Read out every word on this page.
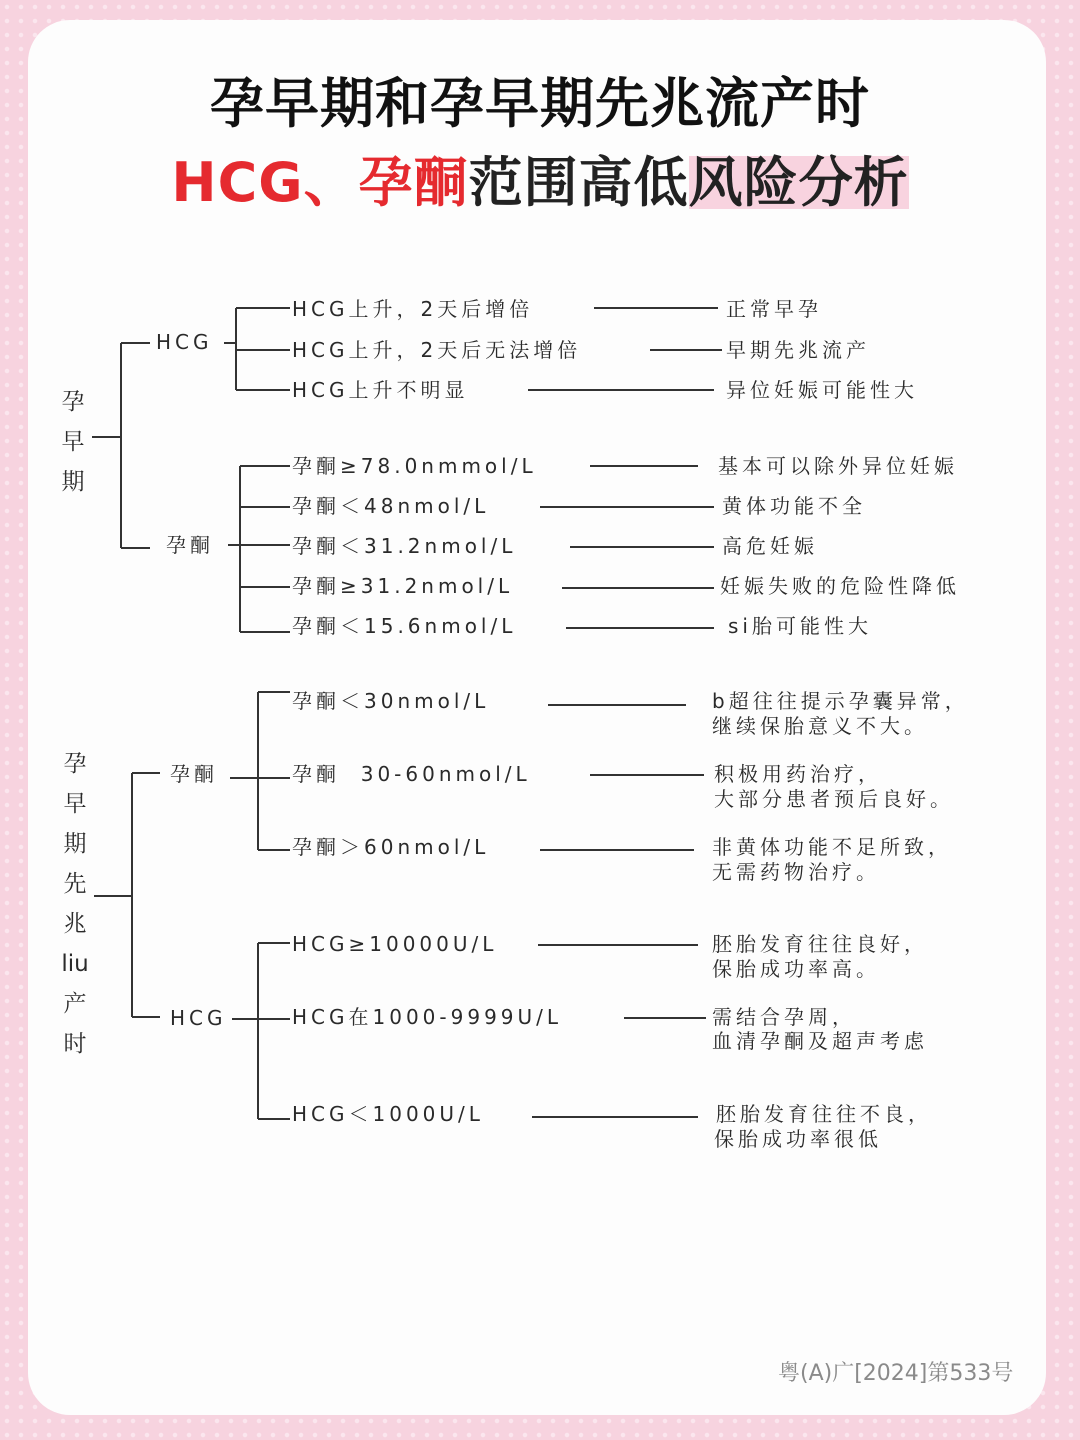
孕早期和孕早期先兆流产时
HCG、孕酮范围高低风险分析
孕
早
期
HCG
HCG上升，2天后增倍	正常早孕
HCG上升，2天后无法增倍	早期先兆流产
HCG上升不明显	异位妊娠可能性大
孕酮
孕酮≥78.0nmmol/L	基本可以除外异位妊娠
孕酮＜48nmol/L	黄体功能不全
孕酮＜31.2nmol/L	高危妊娠
孕酮≥31.2nmol/L	妊娠失败的危险性降低
孕酮＜15.6nmol/L	si胎可能性大
孕
早
期
先
兆
liu
产
时
孕酮
孕酮＜30nmol/L	b超往往提示孕囊异常，
继续保胎意义不大。
孕酮  30-60nmol/L	积极用药治疗，
大部分患者预后良好。
孕酮＞60nmol/L	非黄体功能不足所致，
无需药物治疗。
HCG
HCG≥10000U/L	胚胎发育往往良好，
保胎成功率高。
HCG在1000-9999U/L	需结合孕周，
血清孕酮及超声考虑
HCG＜1000U/L	胚胎发育往往不良，
保胎成功率很低
粤(A)广[2024]第533号
